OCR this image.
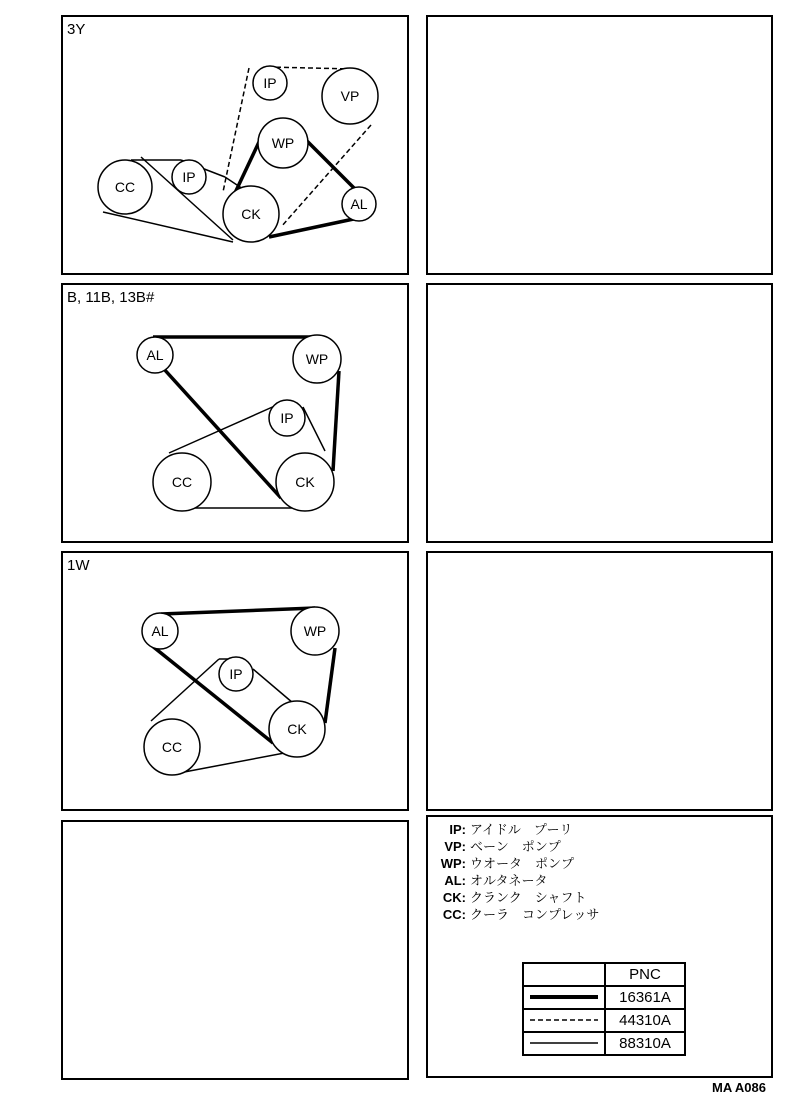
3Y
CC
IP
IP
VP
WP
CK
AL
B, 11B, 13B#
AL	WP
IP
CC	CK
1W
AL	WP
IP
CC
CK
IP: アイドル　プーリ
VP: ベーン　ポンプ
WP: ウオータ　ポンプ
AL: オルタネータ
CK: クランク　シャフト
CC: クーラ　コンプレッサ
	PNC
	16361A
	44310A
	88310A
MA A086
